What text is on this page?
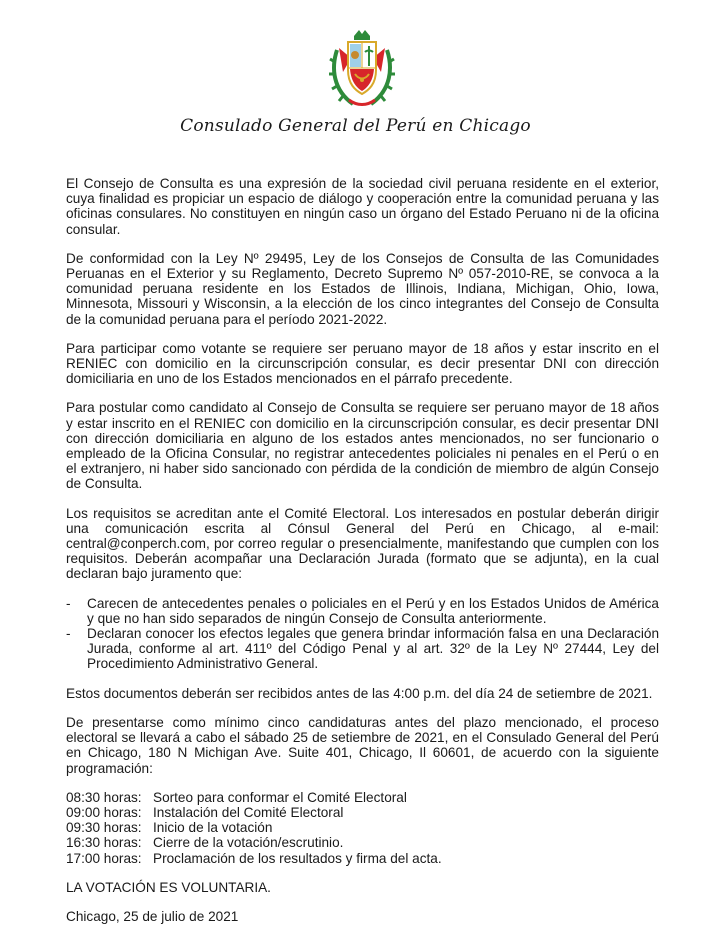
Consulado General del Perú en Chicago

El Consejo de Consulta es una expresión de la sociedad civil peruana residente en el exterior, cuya finalidad es propiciar un espacio de diálogo y cooperación entre la comunidad peruana y las oficinas consulares. No constituyen en ningún caso un órgano del Estado Peruano ni de la oficina consular.

De conformidad con la Ley Nº 29495, Ley de los Consejos de Consulta de las Comunidades Peruanas en el Exterior y su Reglamento, Decreto Supremo Nº 057-2010-RE, se convoca a la comunidad peruana residente en los Estados de Illinois, Indiana, Michigan, Ohio, Iowa, Minnesota, Missouri y Wisconsin, a la elección de los cinco integrantes del Consejo de Consulta de la comunidad peruana para el período 2021-2022.

Para participar como votante se requiere ser peruano mayor de 18 años y estar inscrito en el RENIEC con domicilio en la circunscripción consular, es decir presentar DNI con dirección domiciliaria en uno de los Estados mencionados en el párrafo precedente.

Para postular como candidato al Consejo de Consulta se requiere ser peruano mayor de 18 años y estar inscrito en el RENIEC con domicilio en la circunscripción consular, es decir presentar DNI con dirección domiciliaria en alguno de los estados antes mencionados, no ser funcionario o empleado de la Oficina Consular, no registrar antecedentes policiales ni penales en el Perú o en el extranjero, ni haber sido sancionado con pérdida de la condición de miembro de algún Consejo de Consulta.

Los requisitos se acreditan ante el Comité Electoral. Los interesados en postular deberán dirigir una comunicación escrita al Cónsul General del Perú en Chicago, al e-mail: central@conperch.com, por correo regular o presencialmente, manifestando que cumplen con los requisitos. Deberán acompañar una Declaración Jurada (formato que se adjunta), en la cual declaran bajo juramento que:

- Carecen de antecedentes penales o policiales en el Perú y en los Estados Unidos de América y que no han sido separados de ningún Consejo de Consulta anteriormente.
- Declaran conocer los efectos legales que genera brindar información falsa en una Declaración Jurada, conforme al art. 411º del Código Penal y al art. 32º de la Ley Nº 27444, Ley del Procedimiento Administrativo General.

Estos documentos deberán ser recibidos antes de las 4:00 p.m. del día 24 de setiembre de 2021.

De presentarse como mínimo cinco candidaturas antes del plazo mencionado, el proceso electoral se llevará a cabo el sábado 25 de setiembre de 2021, en el Consulado General del Perú en Chicago, 180 N Michigan Ave. Suite 401, Chicago, Il 60601, de acuerdo con la siguiente programación:

08:30 horas: Sorteo para conformar el Comité Electoral
09:00 horas: Instalación del Comité Electoral
09:30 horas: Inicio de la votación
16:30 horas: Cierre de la votación/escrutinio.
17:00 horas: Proclamación de los resultados y firma del acta.

LA VOTACIÓN ES VOLUNTARIA.

Chicago, 25 de julio de 2021
